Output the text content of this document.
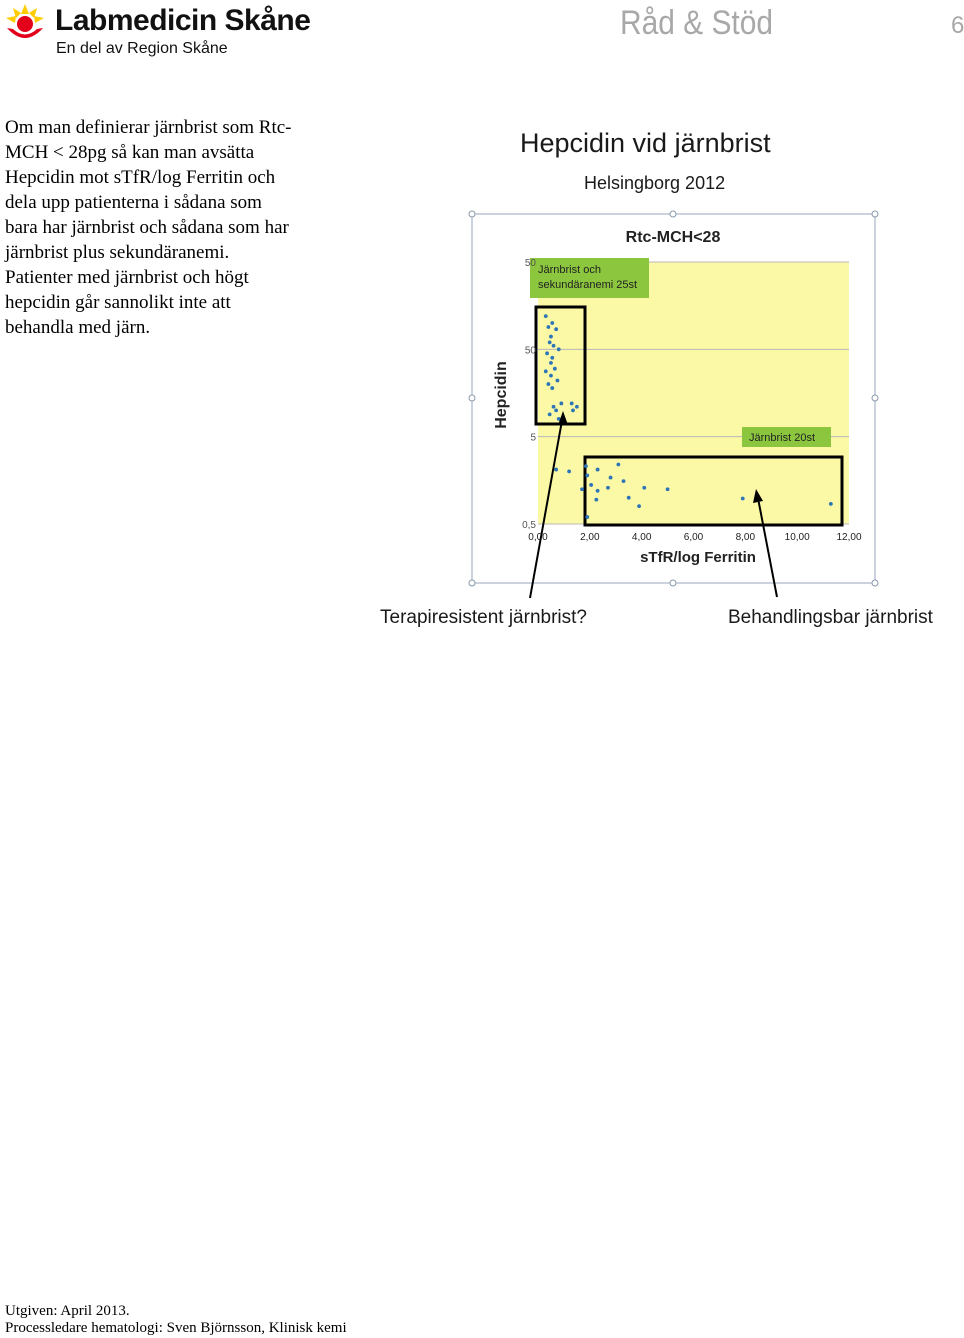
Labmedicin Skåne
En del av Region Skåne
Råd & Stöd	6

Om man definierar järnbrist som Rtc-

MCH < 28pg så kan man avsätta

Hepcidin mot sTfR/log Ferritin och

dela upp patienterna i sådana som

bara har järnbrist och sådana som har

järnbrist plus sekundäranemi.

Patienter med järnbrist och högt

hepcidin går sannolikt inte att

behandla med järn.

Hepcidin vid järnbrist
Helsingborg 2012
Rtc-MCH<28
Järnbrist och sekundäranemi 25st
Järnbrist 20st
0,5
5
50
50
0,00	2,00	4,00	6,00	8,00	10,00	12,00
Hepcidin
sTfR/log Ferritin
Terapiresistent järnbrist?	Behandlingsbar järnbrist
Utgiven: April 2013.
Processledare hematologi: Sven Björnsson, Klinisk kemi
